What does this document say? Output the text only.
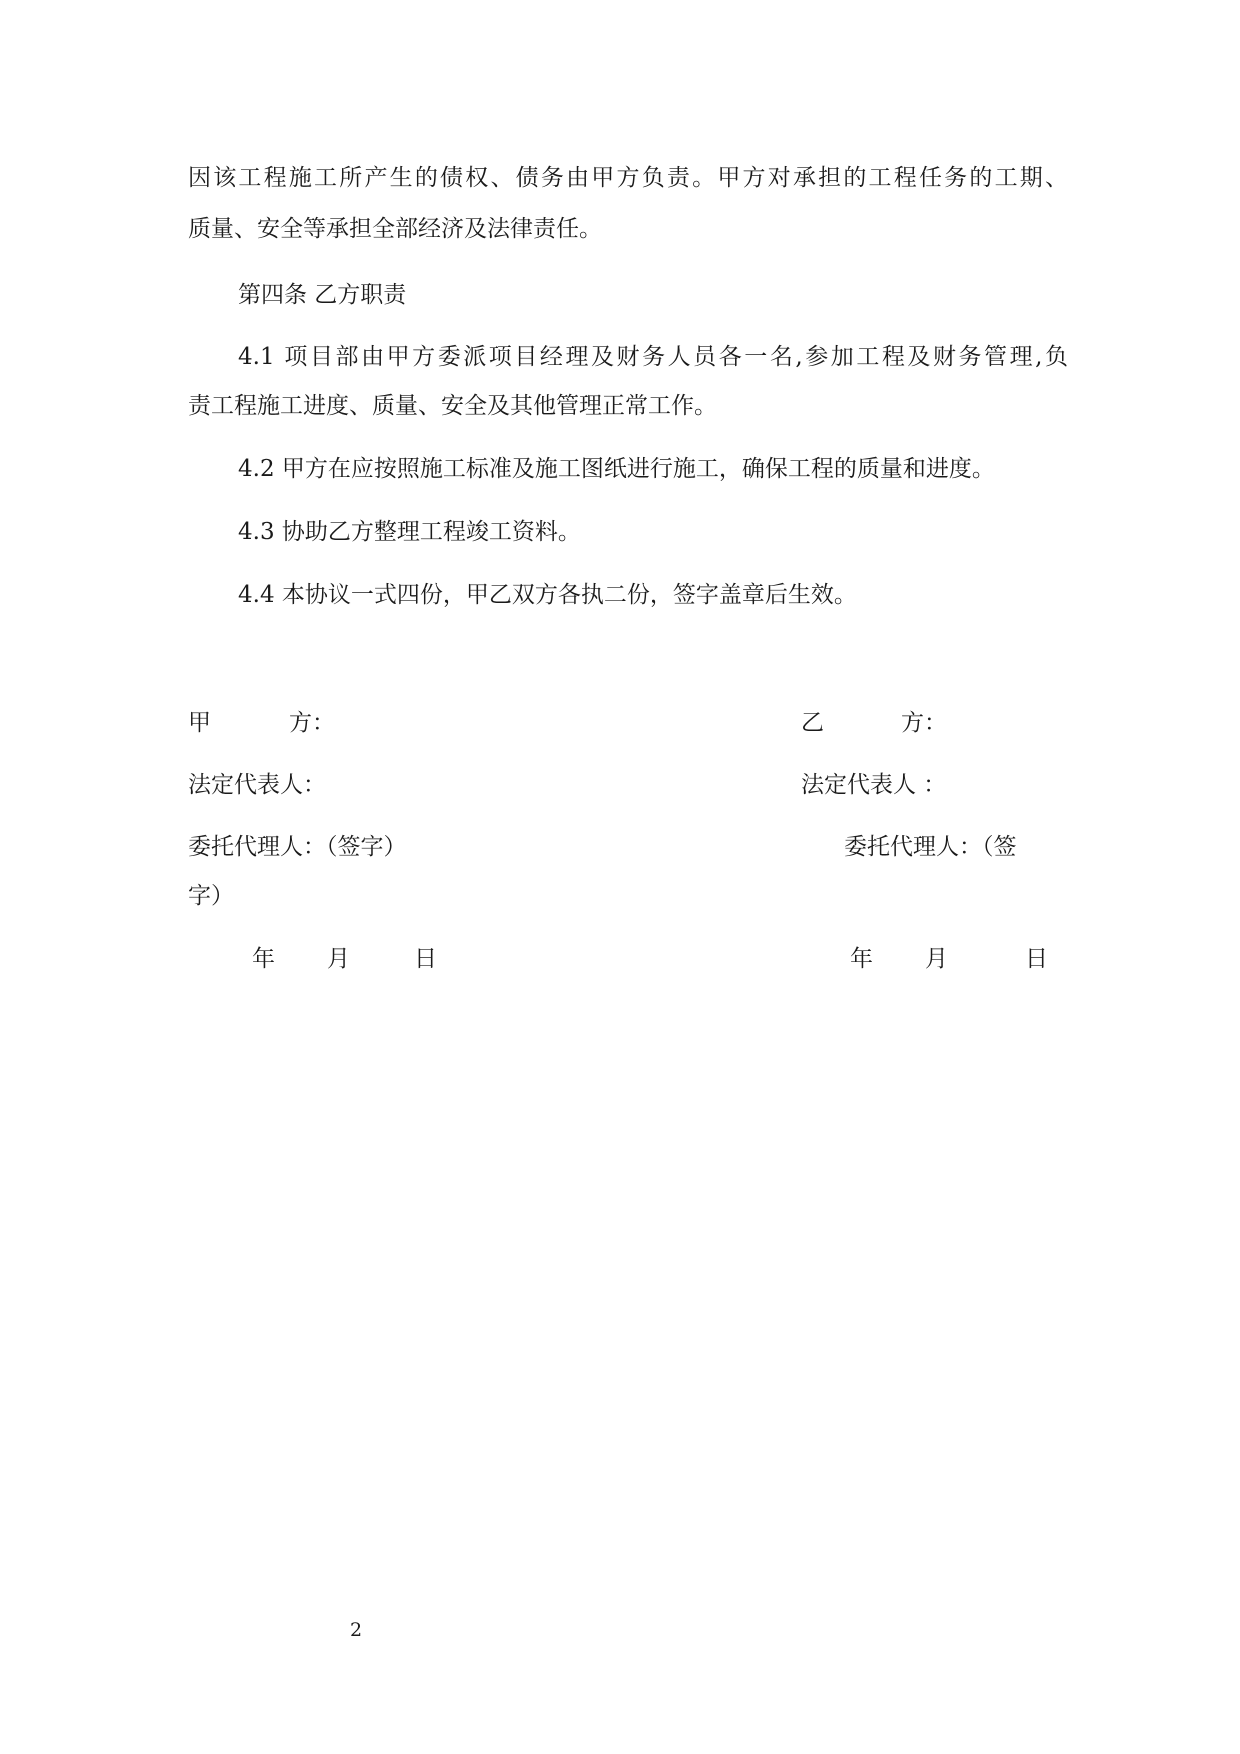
因该工程施工所产生的债权、债务由甲方负责。甲方对承担的工程任务的工期、
质量、安全等承担全部经济及法律责任。
第四条 乙方职责
4.1 项目部由甲方委派项目经理及财务人员各一名,参加工程及财务管理,负
责工程施工进度、质量、安全及其他管理正常工作。
4.2 甲方在应按照施工标准及施工图纸进行施工，确保工程的质量和进度。
4.3 协助乙方整理工程竣工资料。
4.4 本协议一式四份，甲乙双方各执二份，签字盖章后生效。
甲	方：
法定代表人：
委托代理人：（签字）
字）
年 月	日
乙	方：
法定代表人 ：
委托代理人：（签
年 月	日
2
